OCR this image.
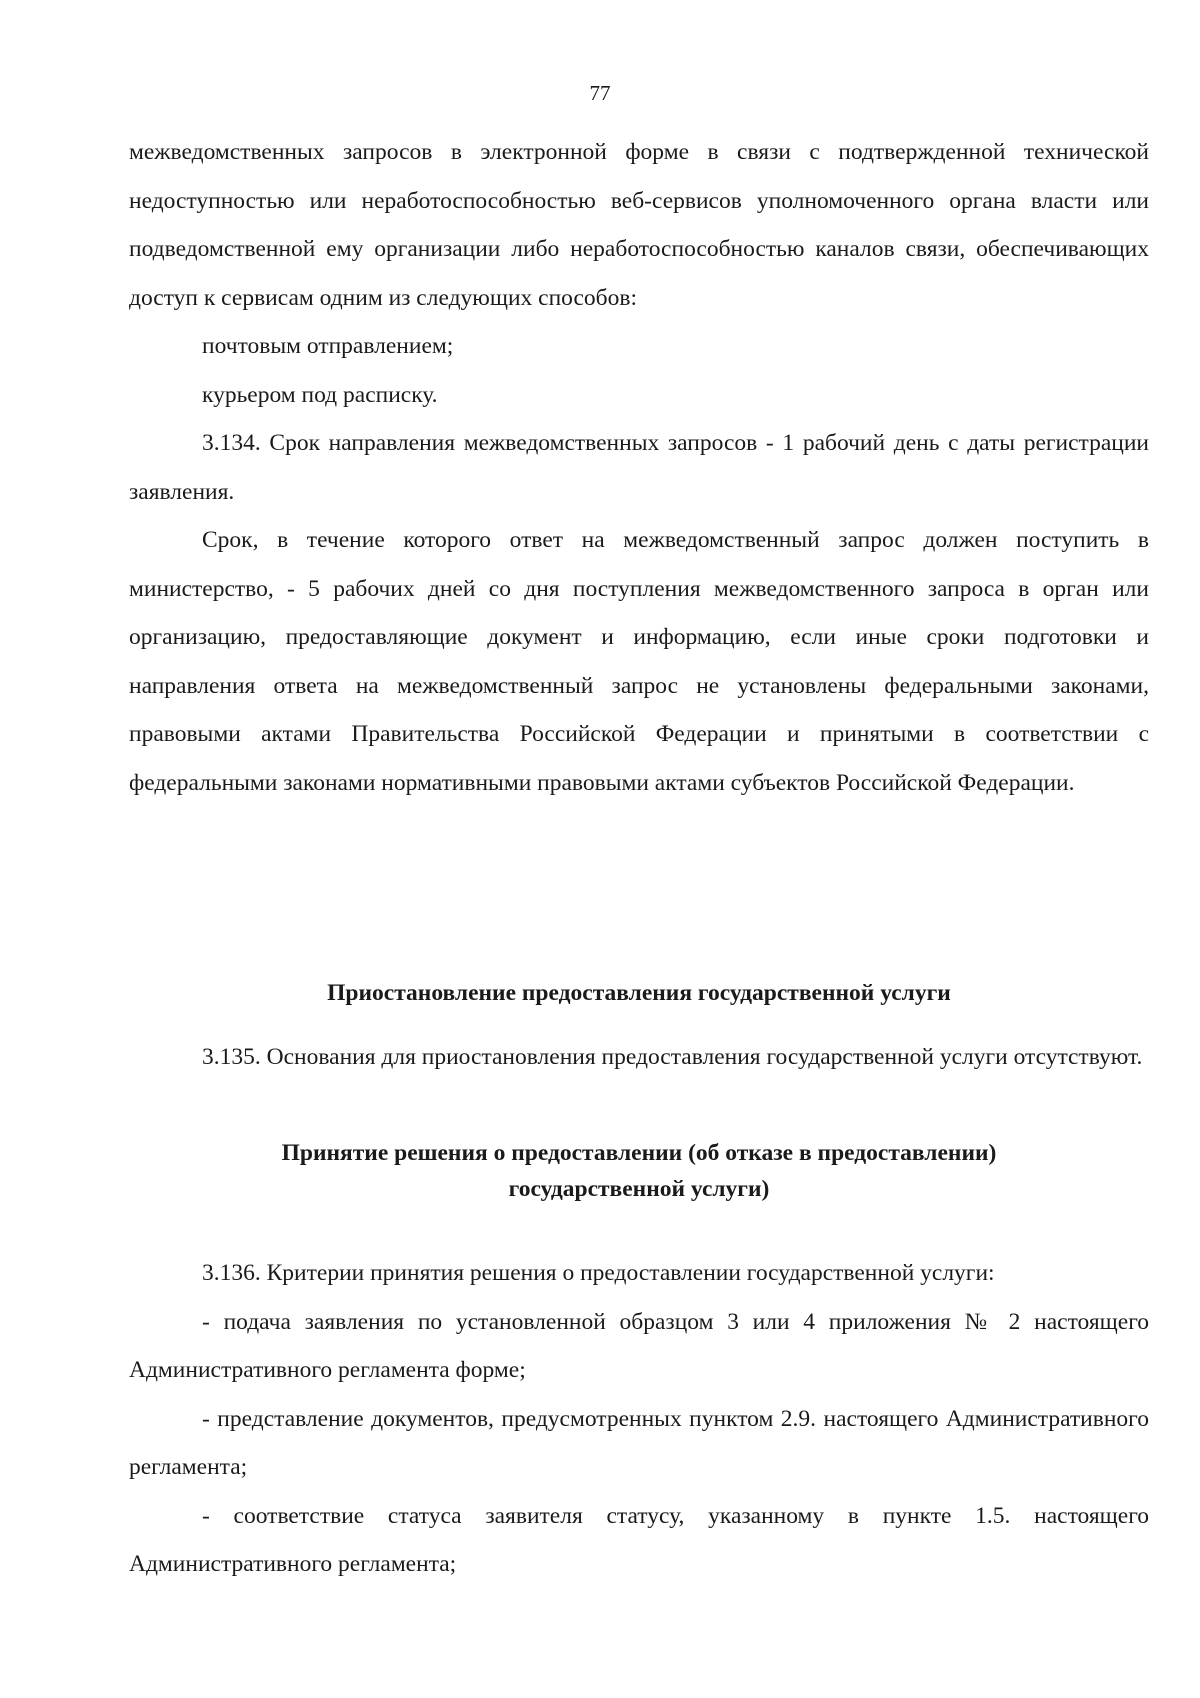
77

межведомственных запросов в электронной форме в связи с подтвержденной технической недоступностью или неработоспособностью веб-сервисов уполномоченного органа власти или подведомственной ему организации либо неработоспособностью каналов связи, обеспечивающих доступ к сервисам одним из следующих способов:

почтовым отправлением;

курьером под расписку.

3.134. Срок направления межведомственных запросов - 1 рабочий день с даты регистрации заявления.

Срок, в течение которого ответ на межведомственный запрос должен поступить в министерство, - 5 рабочих дней со дня поступления межведомственного запроса в орган или организацию, предоставляющие документ и информацию, если иные сроки подготовки и направления ответа на межведомственный запрос не установлены федеральными законами, правовыми актами Правительства Российской Федерации и принятыми в соответствии с федеральными законами нормативными правовыми актами субъектов Российской Федерации.

Приостановление предоставления государственной услуги

3.135. Основания для приостановления предоставления государственной услуги отсутствуют.

Принятие решения о предоставлении (об отказе в предоставлении)
государственной услуги)

3.136. Критерии принятия решения о предоставлении государственной услуги:

- подача заявления по установленной образцом 3 или 4 приложения № 2 настоящего Административного регламента форме;

- представление документов, предусмотренных пунктом 2.9. настоящего Административного регламента;

- соответствие статуса заявителя статусу, указанному в пункте 1.5. настоящего Административного регламента;
